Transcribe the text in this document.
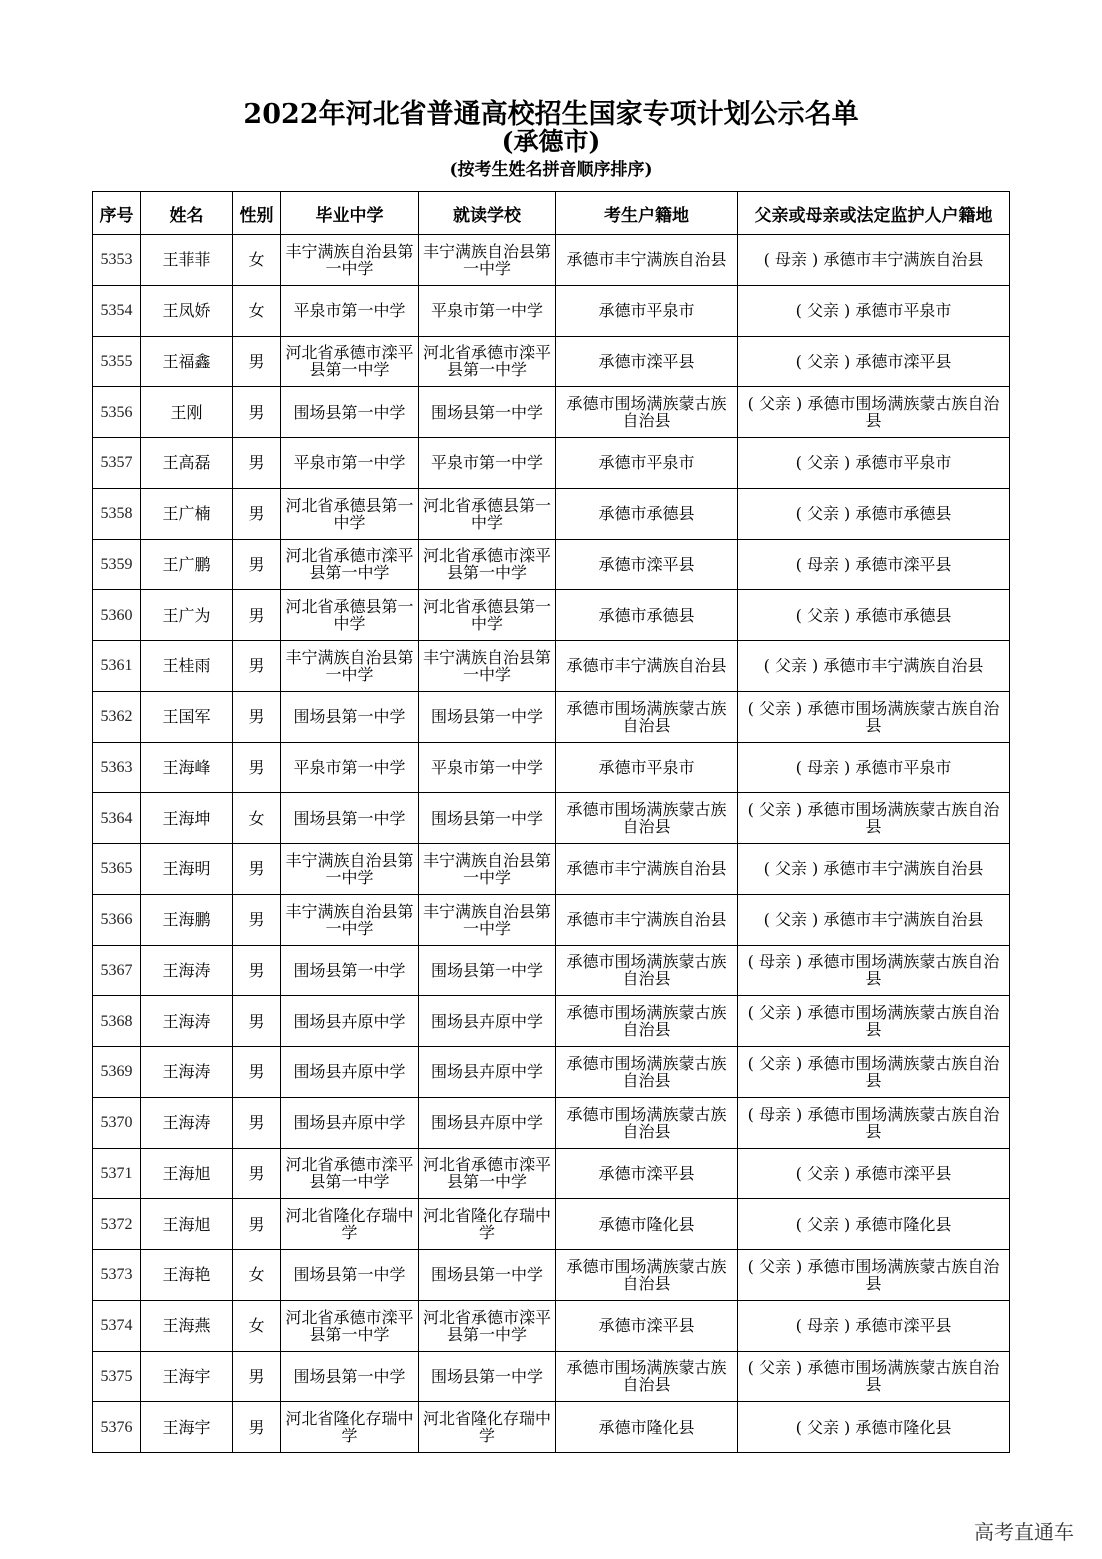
2022年河北省普通高校招生国家专项计划公示名单
(承德市)
(按考生姓名拼音顺序排序)
序号	姓名	性别	毕业中学	就读学校	考生户籍地	父亲或母亲或法定监护人户籍地
5353	王菲菲	女	丰宁满族自治县第一中学	丰宁满族自治县第一中学	承德市丰宁满族自治县	( 母亲 ) 承德市丰宁满族自治县
5354	王凤娇	女	平泉市第一中学	平泉市第一中学	承德市平泉市	( 父亲 ) 承德市平泉市
5355	王福鑫	男	河北省承德市滦平县第一中学	河北省承德市滦平县第一中学	承德市滦平县	( 父亲 ) 承德市滦平县
5356	王刚	男	围场县第一中学	围场县第一中学	承德市围场满族蒙古族自治县	( 父亲 ) 承德市围场满族蒙古族自治县
5357	王高磊	男	平泉市第一中学	平泉市第一中学	承德市平泉市	( 父亲 ) 承德市平泉市
5358	王广楠	男	河北省承德县第一中学	河北省承德县第一中学	承德市承德县	( 父亲 ) 承德市承德县
5359	王广鹏	男	河北省承德市滦平县第一中学	河北省承德市滦平县第一中学	承德市滦平县	( 母亲 ) 承德市滦平县
5360	王广为	男	河北省承德县第一中学	河北省承德县第一中学	承德市承德县	( 父亲 ) 承德市承德县
5361	王桂雨	男	丰宁满族自治县第一中学	丰宁满族自治县第一中学	承德市丰宁满族自治县	( 父亲 ) 承德市丰宁满族自治县
5362	王国军	男	围场县第一中学	围场县第一中学	承德市围场满族蒙古族自治县	( 父亲 ) 承德市围场满族蒙古族自治县
5363	王海峰	男	平泉市第一中学	平泉市第一中学	承德市平泉市	( 母亲 ) 承德市平泉市
5364	王海坤	女	围场县第一中学	围场县第一中学	承德市围场满族蒙古族自治县	( 父亲 ) 承德市围场满族蒙古族自治县
5365	王海明	男	丰宁满族自治县第一中学	丰宁满族自治县第一中学	承德市丰宁满族自治县	( 父亲 ) 承德市丰宁满族自治县
5366	王海鹏	男	丰宁满族自治县第一中学	丰宁满族自治县第一中学	承德市丰宁满族自治县	( 父亲 ) 承德市丰宁满族自治县
5367	王海涛	男	围场县第一中学	围场县第一中学	承德市围场满族蒙古族自治县	( 母亲 ) 承德市围场满族蒙古族自治县
5368	王海涛	男	围场县卉原中学	围场县卉原中学	承德市围场满族蒙古族自治县	( 父亲 ) 承德市围场满族蒙古族自治县
5369	王海涛	男	围场县卉原中学	围场县卉原中学	承德市围场满族蒙古族自治县	( 父亲 ) 承德市围场满族蒙古族自治县
5370	王海涛	男	围场县卉原中学	围场县卉原中学	承德市围场满族蒙古族自治县	( 母亲 ) 承德市围场满族蒙古族自治县
5371	王海旭	男	河北省承德市滦平县第一中学	河北省承德市滦平县第一中学	承德市滦平县	( 父亲 ) 承德市滦平县
5372	王海旭	男	河北省隆化存瑞中学	河北省隆化存瑞中学	承德市隆化县	( 父亲 ) 承德市隆化县
5373	王海艳	女	围场县第一中学	围场县第一中学	承德市围场满族蒙古族自治县	( 父亲 ) 承德市围场满族蒙古族自治县
5374	王海燕	女	河北省承德市滦平县第一中学	河北省承德市滦平县第一中学	承德市滦平县	( 母亲 ) 承德市滦平县
5375	王海宇	男	围场县第一中学	围场县第一中学	承德市围场满族蒙古族自治县	( 父亲 ) 承德市围场满族蒙古族自治县
5376	王海宇	男	河北省隆化存瑞中学	河北省隆化存瑞中学	承德市隆化县	( 父亲 ) 承德市隆化县
高考直通车
